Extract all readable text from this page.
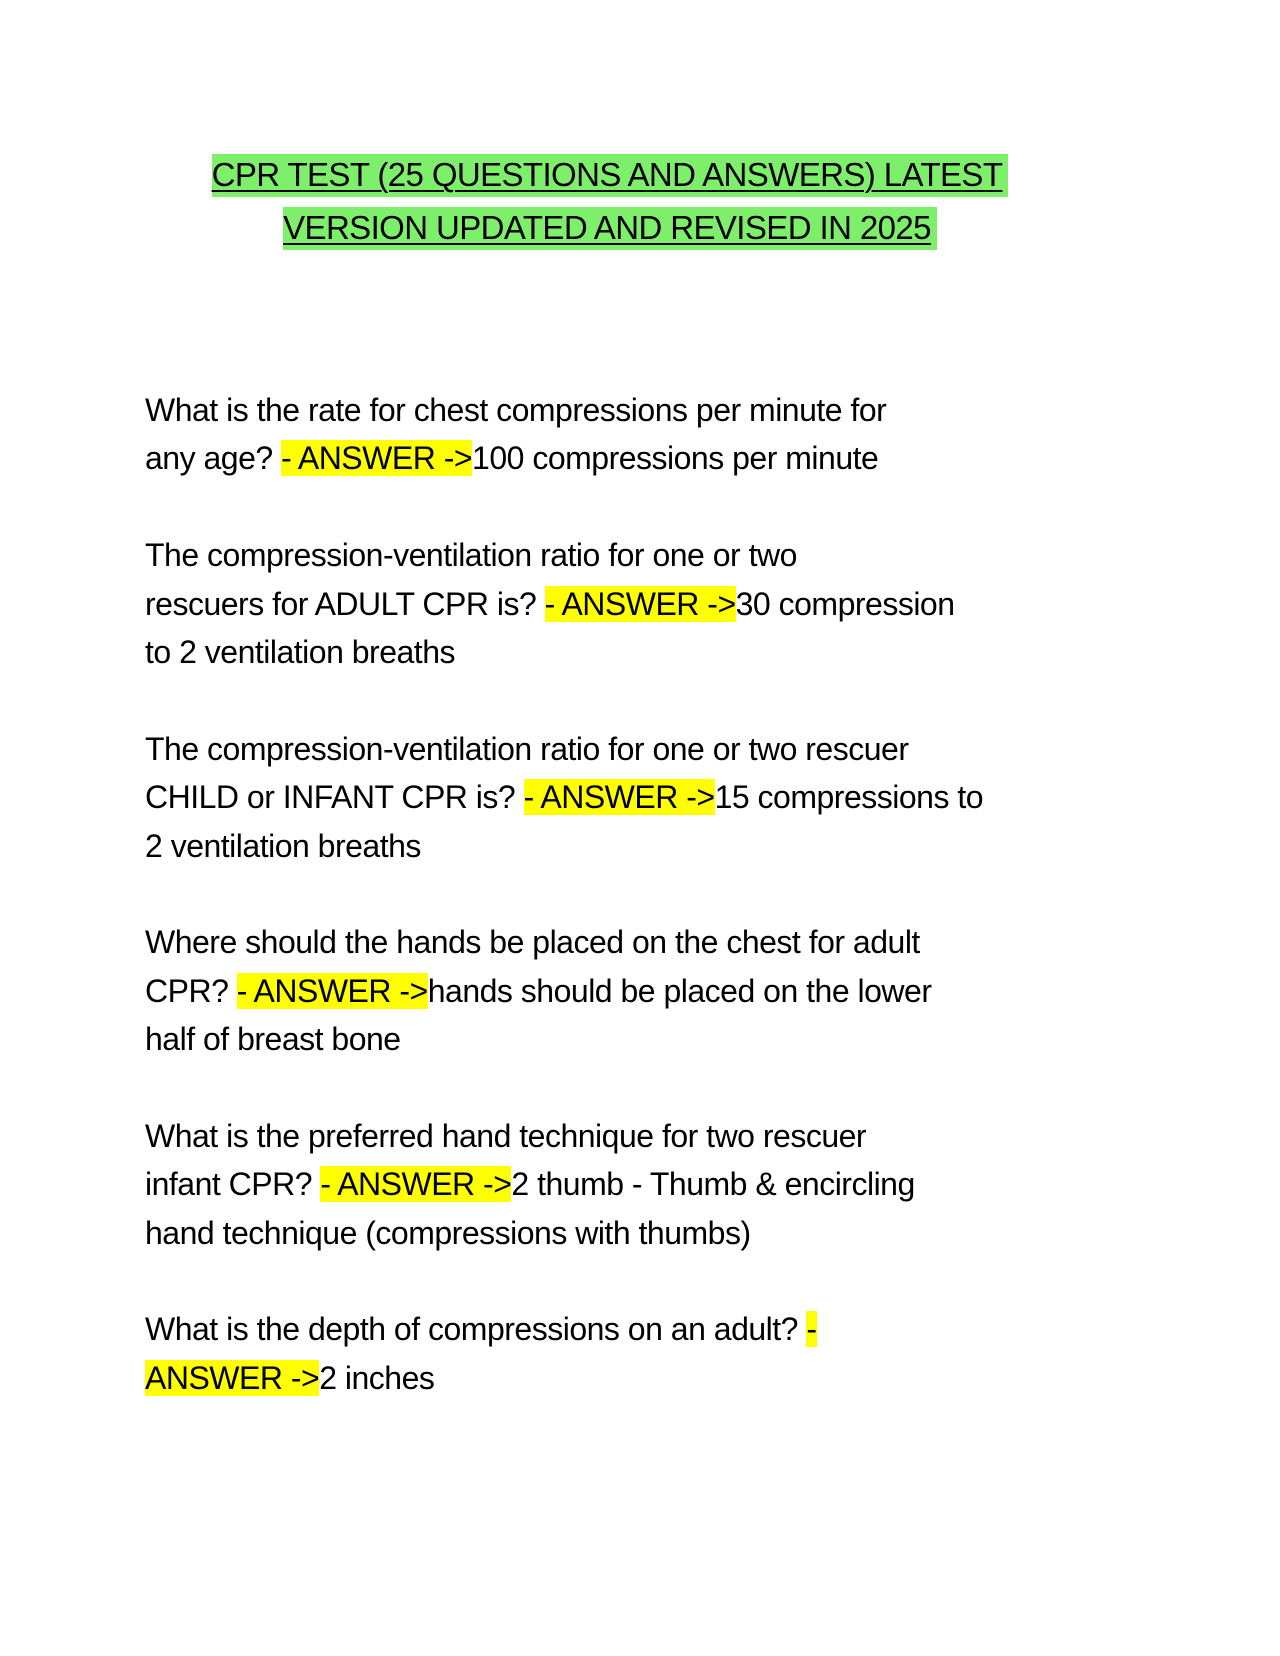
CPR TEST (25 QUESTIONS AND ANSWERS) LATEST
VERSION UPDATED AND REVISED IN 2025
What is the rate for chest compressions per minute for
any age? - ANSWER ->100 compressions per minute
The compression-ventilation ratio for one or two
rescuers for ADULT CPR is? - ANSWER ->30 compression
to 2 ventilation breaths
The compression-ventilation ratio for one or two rescuer
CHILD or INFANT CPR is? - ANSWER ->15 compressions to
2 ventilation breaths
Where should the hands be placed on the chest for adult
CPR? - ANSWER ->hands should be placed on the lower
half of breast bone
What is the preferred hand technique for two rescuer
infant CPR? - ANSWER ->2 thumb - Thumb & encircling
hand technique (compressions with thumbs)
What is the depth of compressions on an adult? -
ANSWER ->2 inches
